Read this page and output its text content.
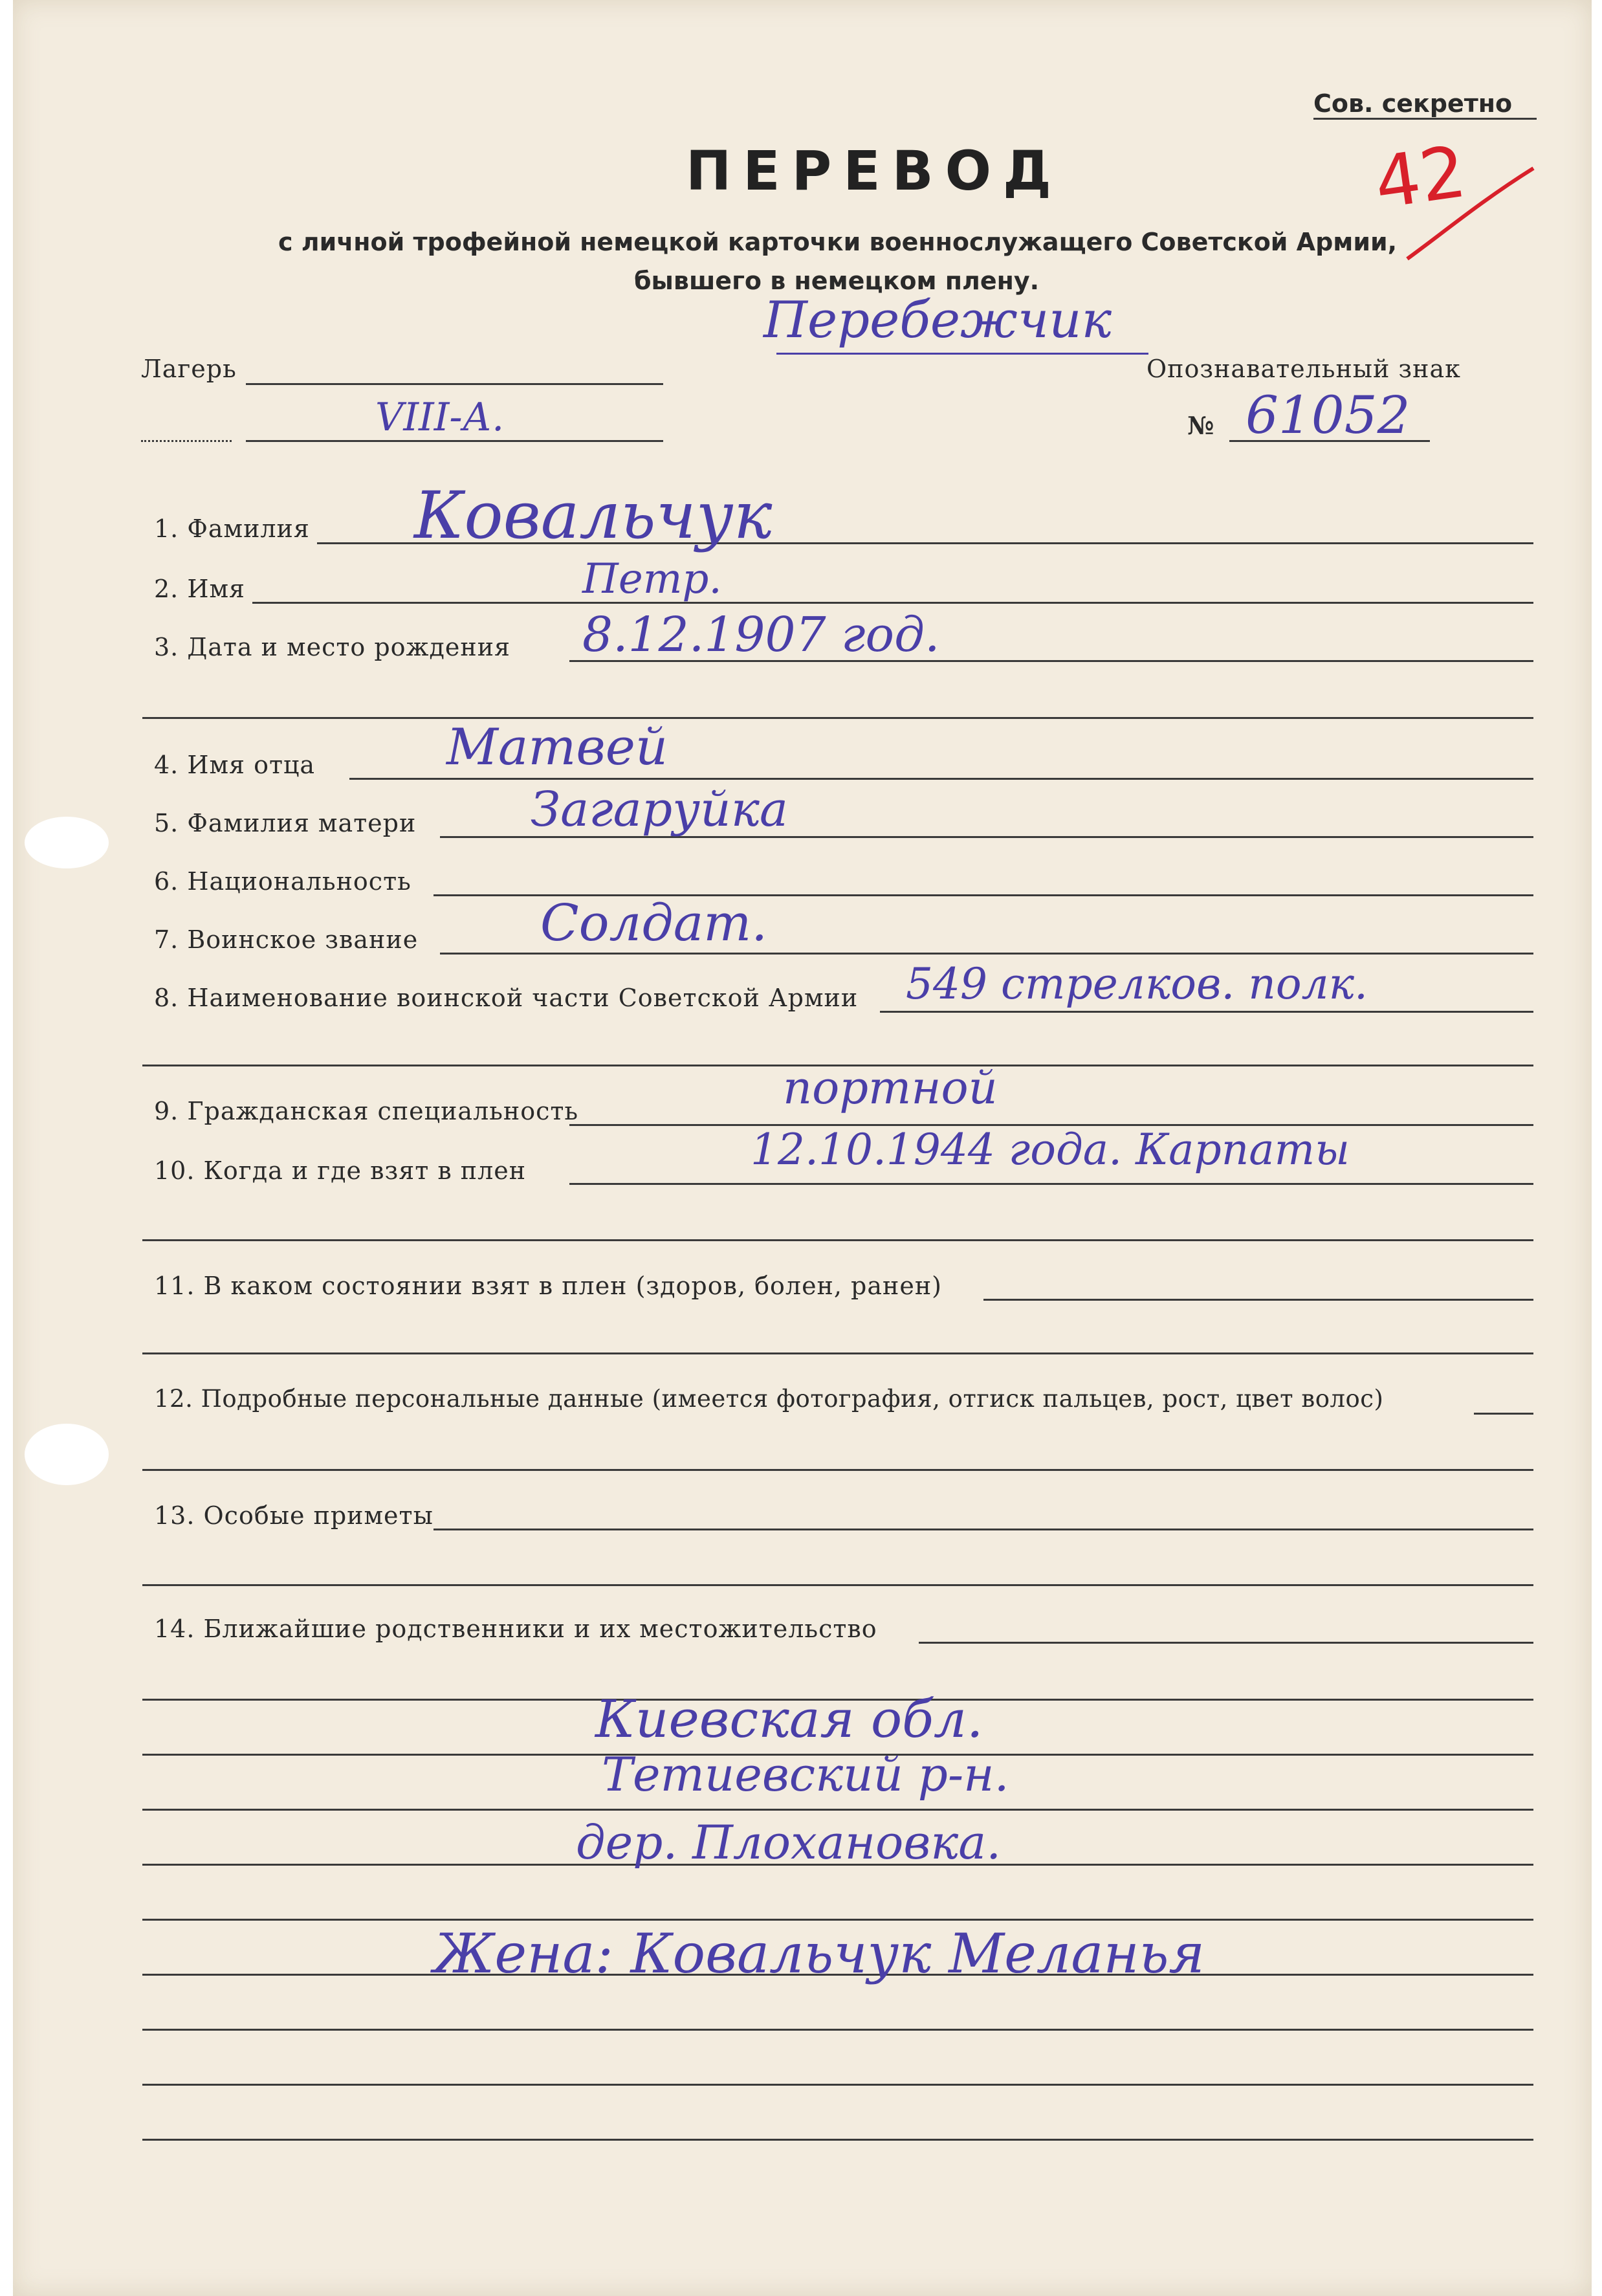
Сов. секретно
42
ПЕРЕВОД
с личной трофейной немецкой карточки военнослужащего Советской Армии,
бывшего в немецком плену.
Перебежчик
Лагерь
VIII-А.
Опознавательный знак
№ 61052
1. Фамилия Ковальчук
2. Имя	Петр.
3. Дата и место рождения 8.12.1907 год.
4. Имя отца	Матвей
5. Фамилия матери Загаруйка
6. Национальность
7. Воинское звание Солдат.
8. Наименование воинской части Советской Армии 549 стрелков. полк.
9. Гражданская специальность	портной
10. Когда и где взят в плен	12.10.1944 года. Карпаты
11. В каком состоянии взят в плен (здоров, болен, ранен)
12. Подробные персональные данные (имеется фотография, отгиск пальцев, рост, цвет волос)
13. Особые приметы
14. Ближайшие родственники и их местожительство
Киевская обл.
Тетиевский р-н.
дер. Плохановка.
Жена: Ковальчук Меланья
